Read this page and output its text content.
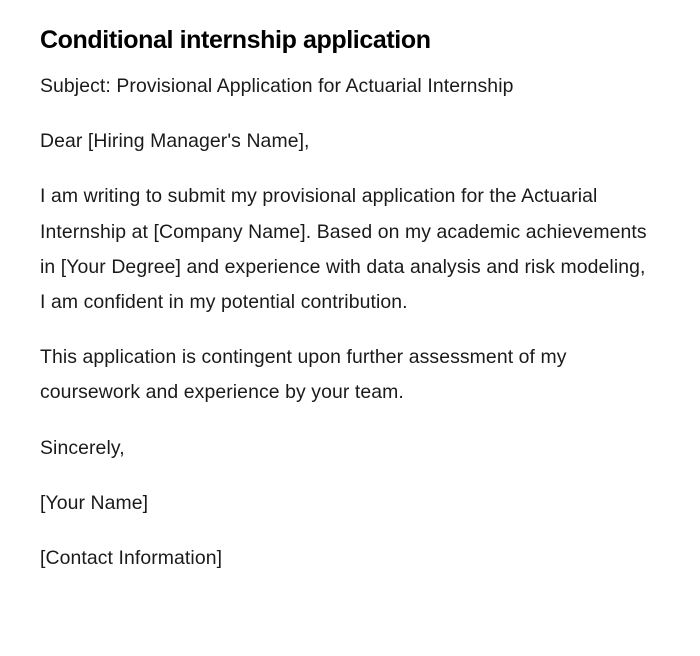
Conditional internship application

Subject: Provisional Application for Actuarial Internship

Dear [Hiring Manager's Name],

I am writing to submit my provisional application for the Actuarial Internship at [Company Name]. Based on my academic achievements in [Your Degree] and experience with data analysis and risk modeling, I am confident in my potential contribution.

This application is contingent upon further assessment of my coursework and experience by your team.

Sincerely,

[Your Name]

[Contact Information]
